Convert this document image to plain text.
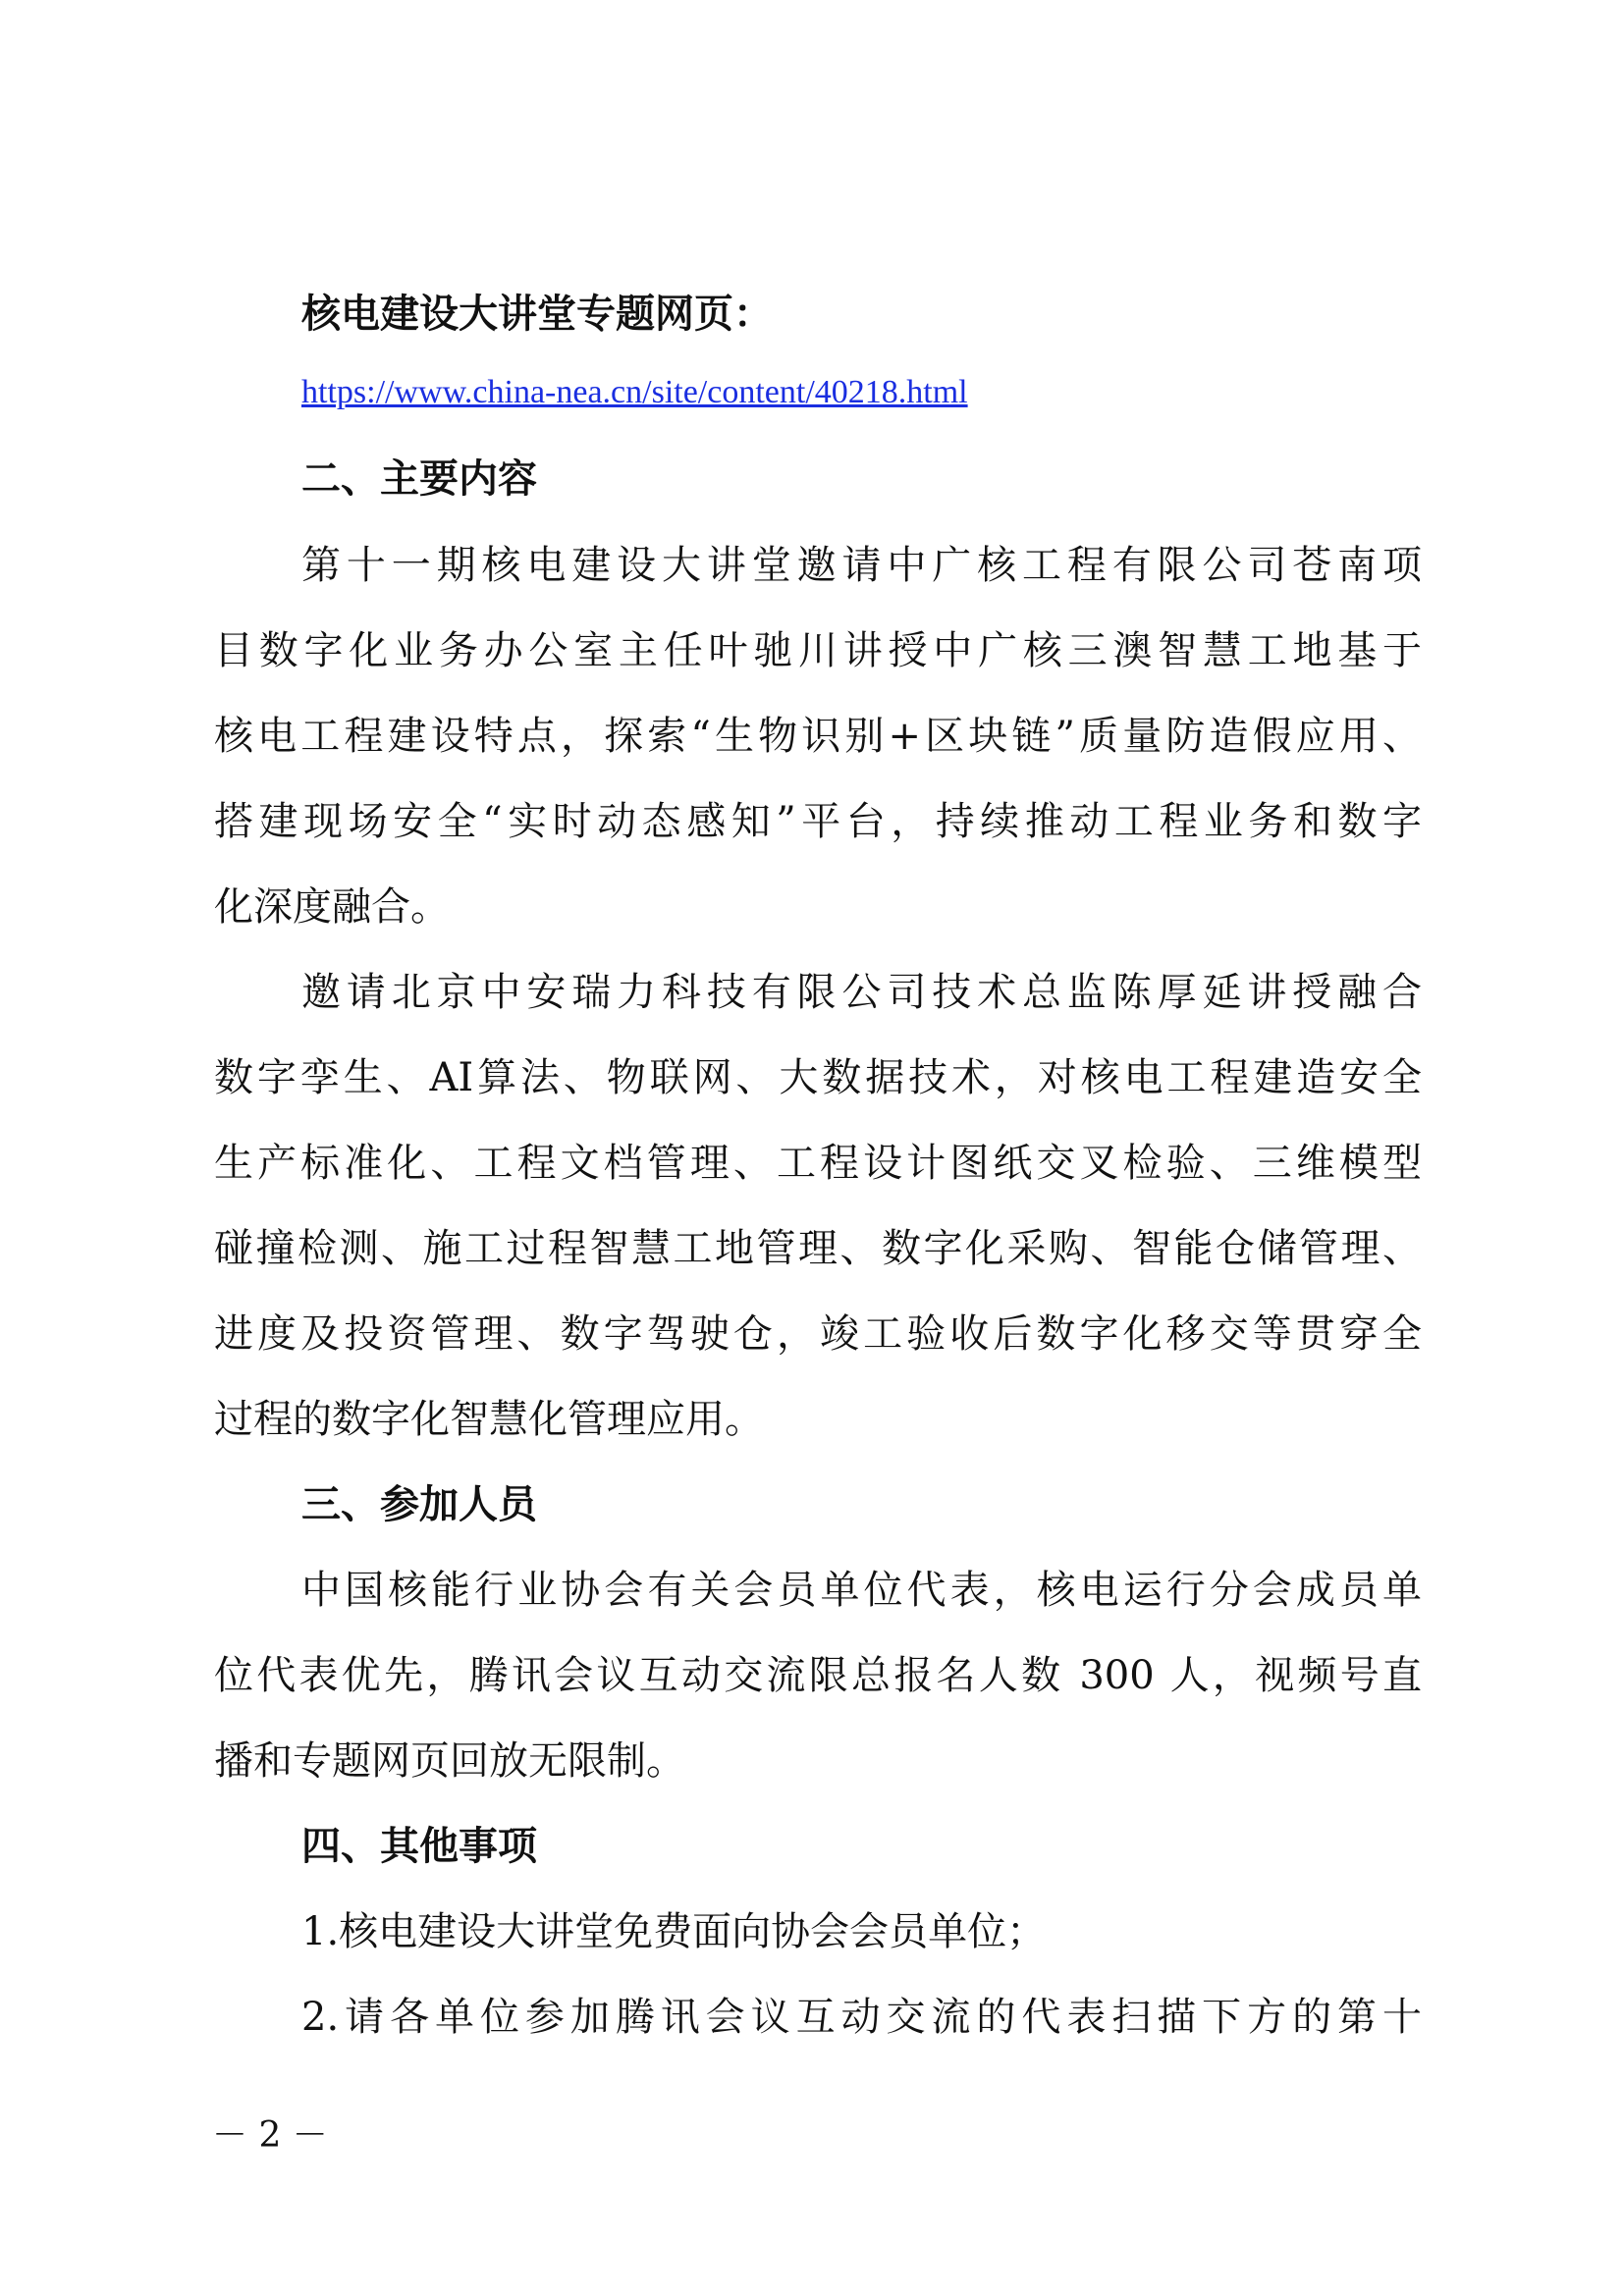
核电建设大讲堂专题网页：
https://www.china-nea.cn/site/content/40218.html
二、主要内容
第十一期核电建设大讲堂邀请中广核工程有限公司苍南项
目数字化业务办公室主任叶驰川讲授中广核三澳智慧工地基于
核电工程建设特点，探索“生物识别+区块链”质量防造假应用、
搭建现场安全“实时动态感知”平台，持续推动工程业务和数字
化深度融合。
邀请北京中安瑞力科技有限公司技术总监陈厚延讲授融合
数字孪生、AI算法、物联网、大数据技术，对核电工程建造安全
生产标准化、工程文档管理、工程设计图纸交叉检验、三维模型
碰撞检测、施工过程智慧工地管理、数字化采购、智能仓储管理、
进度及投资管理、数字驾驶仓，竣工验收后数字化移交等贯穿全
过程的数字化智慧化管理应用。
三、参加人员
中国核能行业协会有关会员单位代表，核电运行分会成员单
位代表优先，腾讯会议互动交流限总报名人数 300 人，视频号直
播和专题网页回放无限制。
四、其他事项
1.核电建设大讲堂免费面向协会会员单位；
2.请各单位参加腾讯会议互动交流的代表扫描下方的第十
－ 2 －
